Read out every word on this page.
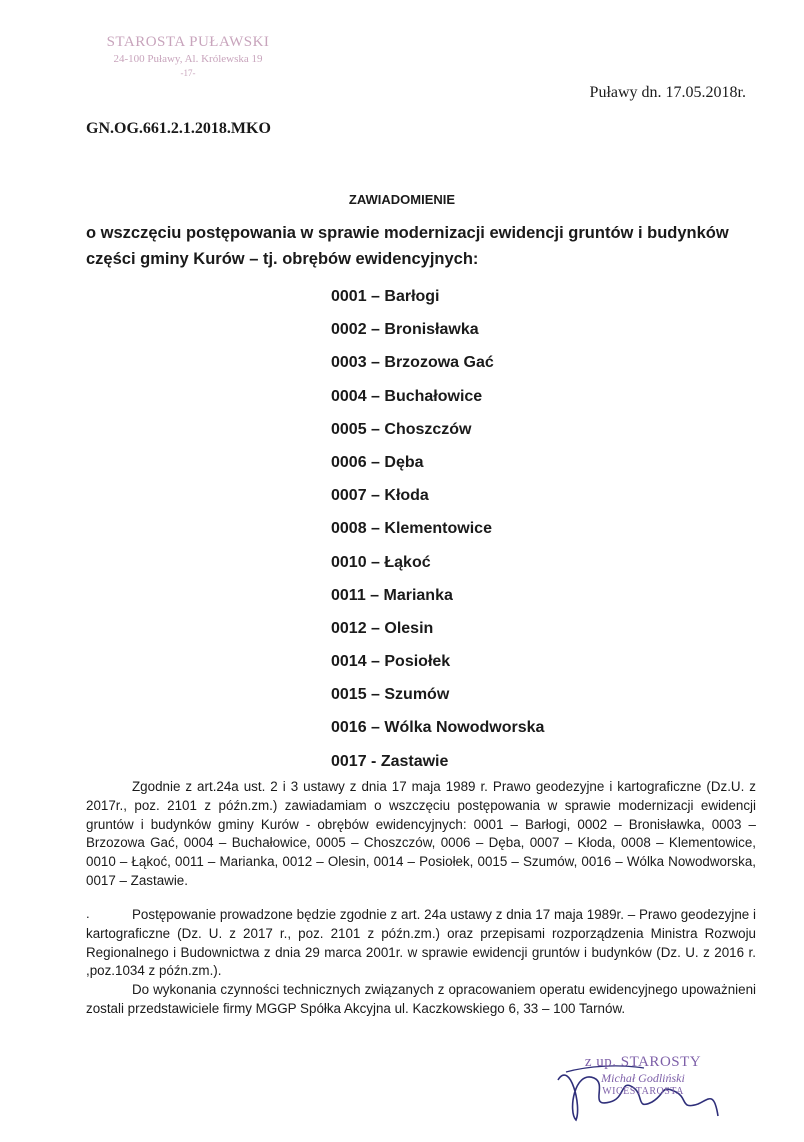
STAROSTA PUŁAWSKI
24-100 Puławy, Al. Królewska 19
-17-
Puławy dn. 17.05.2018r.
GN.OG.661.2.1.2018.MKO
ZAWIADOMIENIE
o wszczęciu postępowania w sprawie modernizacji ewidencji gruntów i budynków części gminy Kurów – tj. obrębów ewidencyjnych:
0001 – Barłogi
0002 – Bronisławka
0003 – Brzozowa Gać
0004 – Buchałowice
0005 – Choszczów
0006 – Dęba
0007 – Kłoda
0008 – Klementowice
0010 – Łąkoć
0011 – Marianka
0012 – Olesin
0014 – Posiołek
0015 – Szumów
0016 – Wólka Nowodworska
0017 - Zastawie

Zgodnie z art.24a ust. 2 i 3 ustawy z dnia 17 maja 1989 r. Prawo geodezyjne i kartograficzne (Dz.U. z 2017r., poz. 2101 z późn.zm.) zawiadamiam o wszczęciu postępowania w sprawie modernizacji ewidencji gruntów i budynków gminy Kurów - obrębów ewidencyjnych: 0001 – Barłogi, 0002 – Bronisławka, 0003 – Brzozowa Gać, 0004 – Buchałowice, 0005 – Choszczów, 0006 – Dęba, 0007 – Kłoda, 0008 – Klementowice, 0010 – Łąkoć, 0011 – Marianka, 0012 – Olesin, 0014 – Posiołek, 0015 – Szumów, 0016 – Wólka Nowodworska, 0017 – Zastawie.

.	Postępowanie prowadzone będzie zgodnie z art. 24a ustawy z dnia 17 maja 1989r. – Prawo geodezyjne i kartograficzne (Dz. U. z 2017 r., poz. 2101 z późn.zm.) oraz przepisami rozporządzenia Ministra Rozwoju Regionalnego i Budownictwa z dnia 29 marca 2001r. w sprawie ewidencji gruntów i budynków (Dz. U. z 2016 r. ,poz.1034 z późn.zm.).

Do wykonania czynności technicznych związanych z opracowaniem operatu ewidencyjnego upoważnieni zostali przedstawiciele firmy MGGP Spółka Akcyjna ul. Kaczkowskiego 6, 33 – 100 Tarnów.

z up. STAROSTY
Michał Godliński
WICESTAROSTA
